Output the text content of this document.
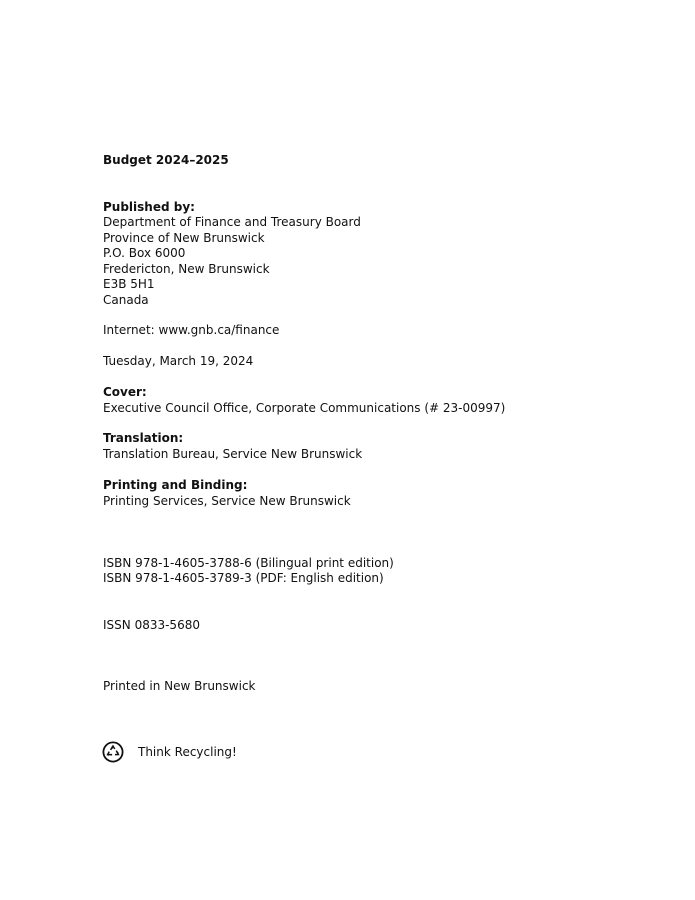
Budget 2024–2025
Published by:
Department of Finance and Treasury Board
Province of New Brunswick
P.O. Box 6000
Fredericton, New Brunswick
E3B 5H1
Canada
Internet: www.gnb.ca/finance
Tuesday, March 19, 2024
Cover:
Executive Council Office, Corporate Communications (# 23-00997)
Translation:
Translation Bureau, Service New Brunswick
Printing and Binding:
Printing Services, Service New Brunswick
ISBN 978-1-4605-3788-6 (Bilingual print edition)
ISBN 978-1-4605-3789-3 (PDF: English edition)
ISSN 0833-5680
Printed in New Brunswick
Think Recycling!
